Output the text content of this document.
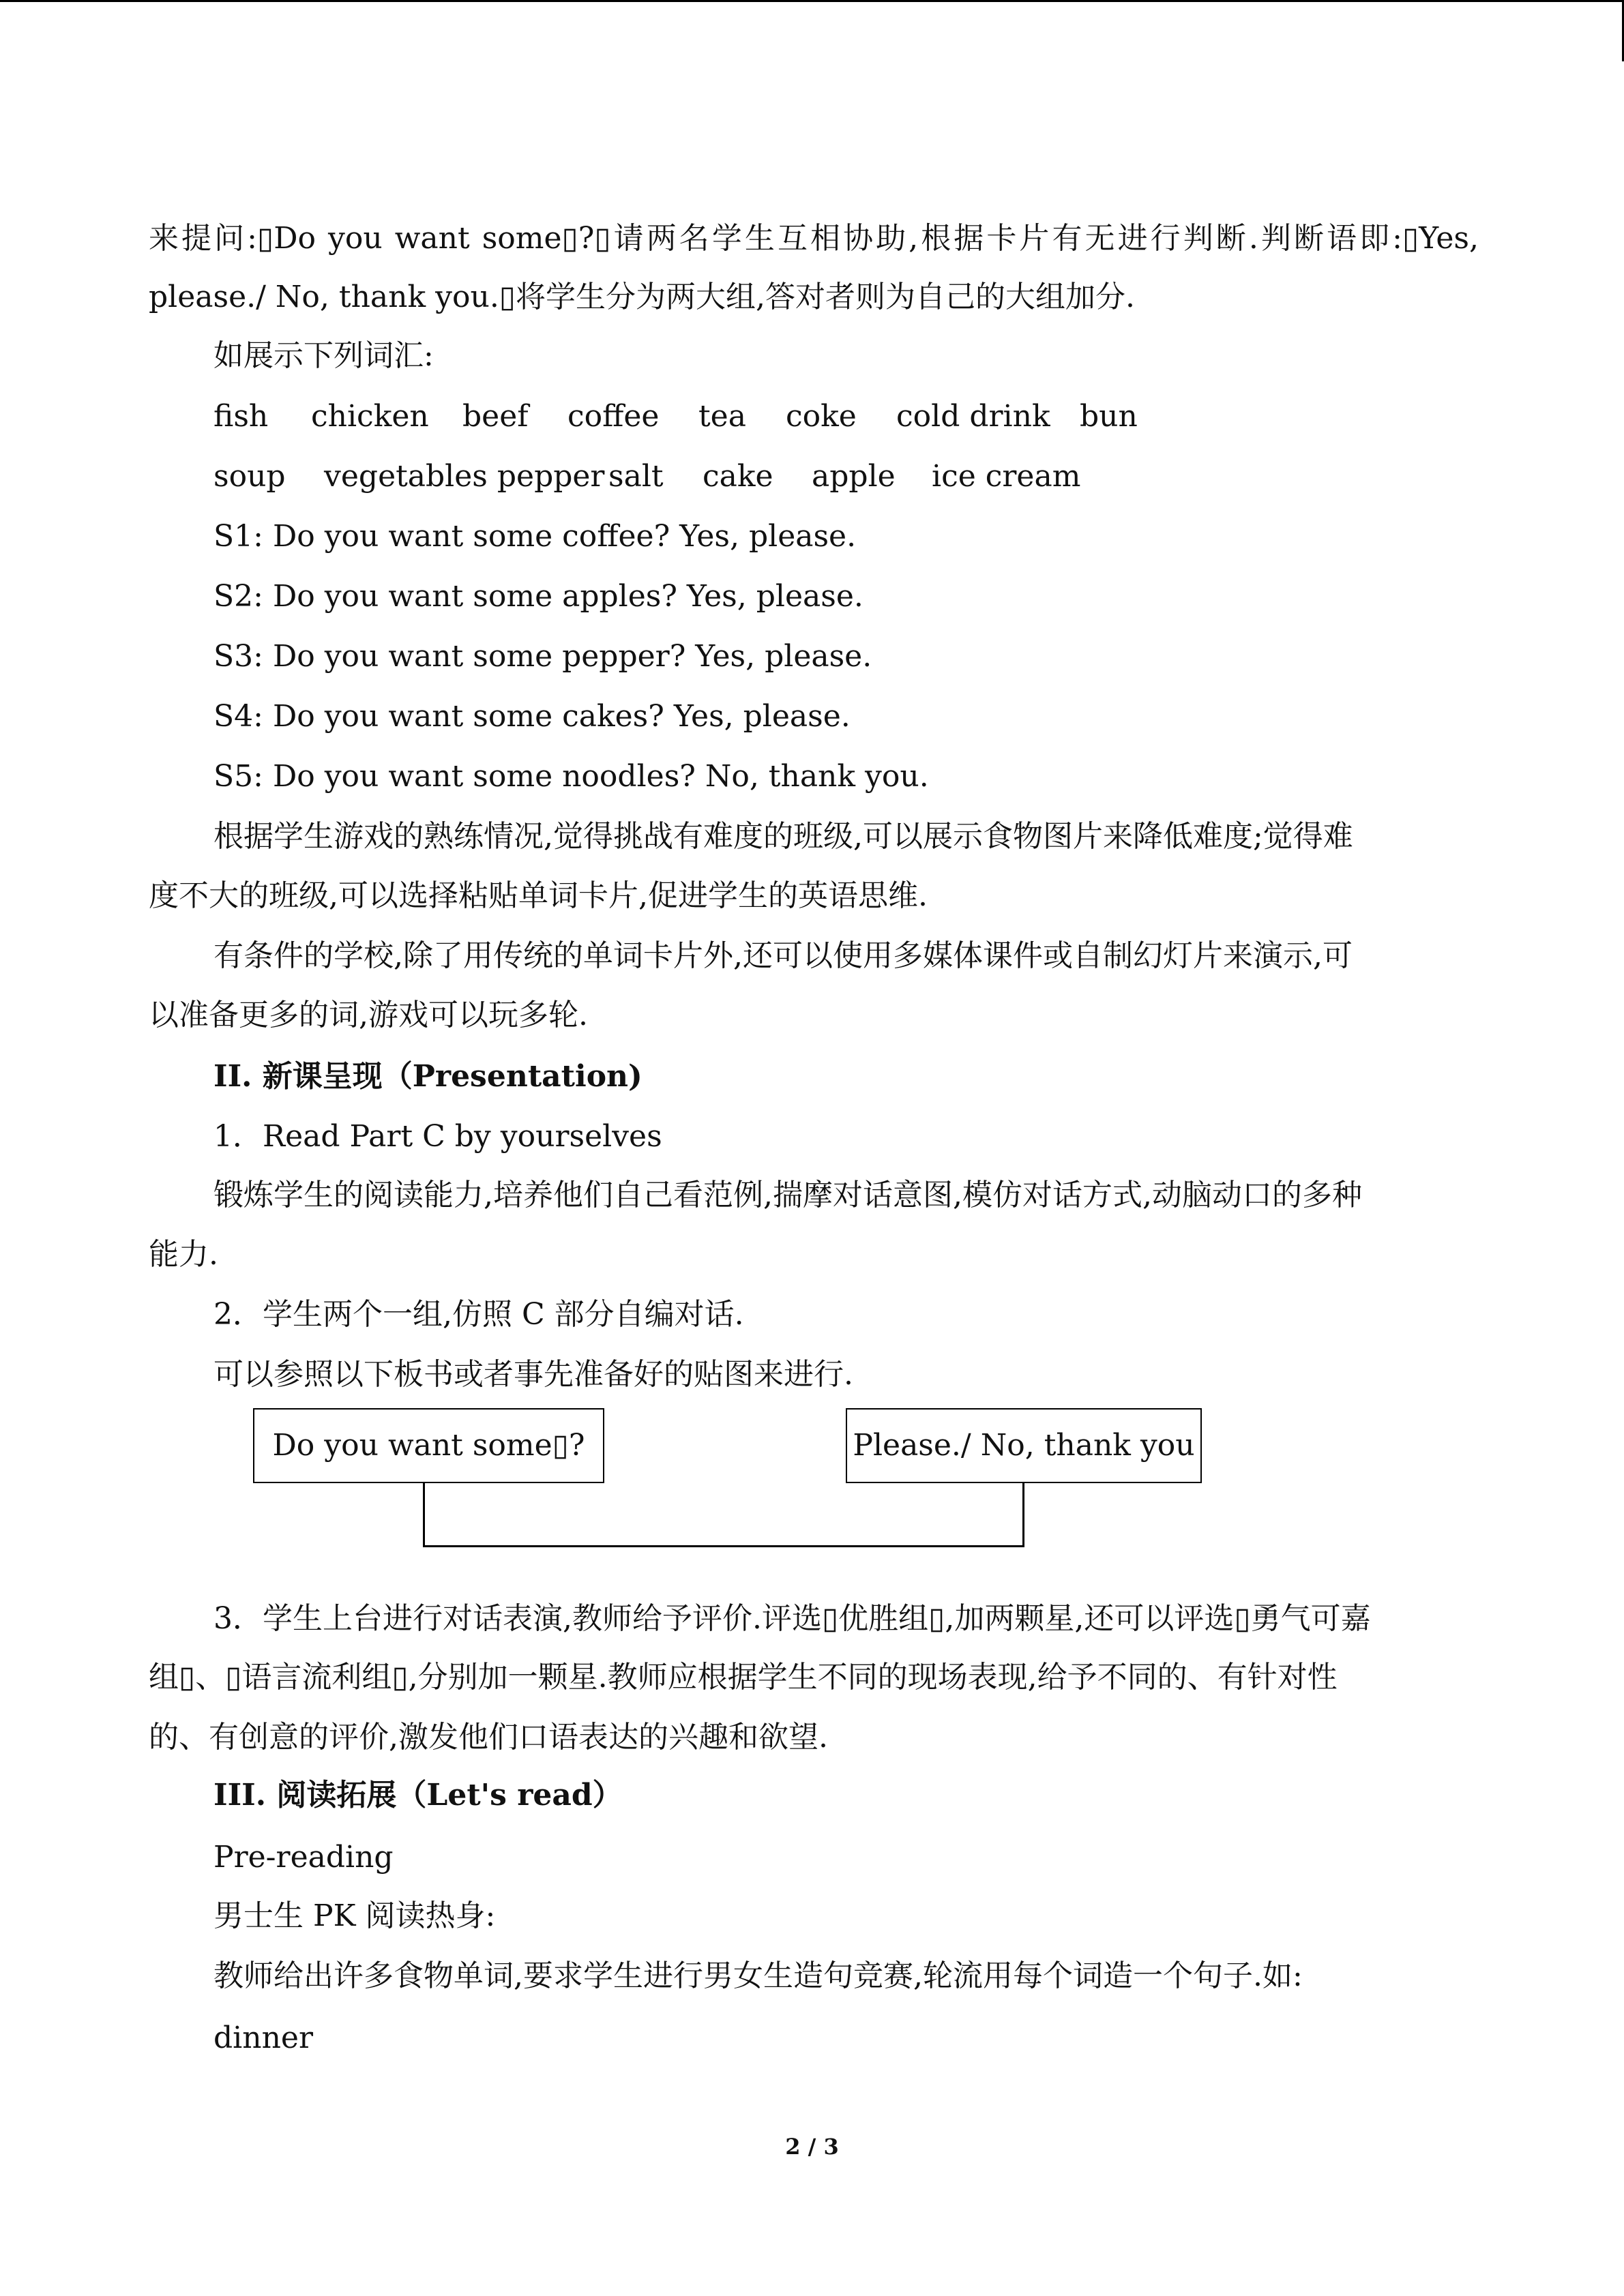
来提问:▯Do you want some▯?▯请两名学生互相协助,根据卡片有无进行判断.判断语即:▯Yes,
please./ No, thank you.▯将学生分为两大组,答对者则为自己的大组加分.
如展示下列词汇:
fish chicken beef coffee tea coke cold drink bun
soup vegetables pepper salt cake apple ice cream
S1: Do you want some coffee? Yes, please.
S2: Do you want some apples? Yes, please.
S3: Do you want some pepper? Yes, please.
S4: Do you want some cakes? Yes, please.
S5: Do you want some noodles? No, thank you.
根据学生游戏的熟练情况,觉得挑战有难度的班级,可以展示食物图片来降低难度;觉得难
度不大的班级,可以选择粘贴单词卡片,促进学生的英语思维.
有条件的学校,除了用传统的单词卡片外,还可以使用多媒体课件或自制幻灯片来演示,可
以准备更多的词,游戏可以玩多轮.
II. 新课呈现（Presentation)
1．Read Part C by yourselves
锻炼学生的阅读能力,培养他们自己看范例,揣摩对话意图,模仿对话方式,动脑动口的多种
能力.
2．学生两个一组,仿照 C 部分自编对话.
可以参照以下板书或者事先准备好的贴图来进行.
Do you want some▯?	Please./ No, thank you
3．学生上台进行对话表演,教师给予评价.评选▯优胜组▯,加两颗星,还可以评选▯勇气可嘉
组▯、▯语言流利组▯,分别加一颗星.教师应根据学生不同的现场表现,给予不同的、有针对性
的、有创意的评价,激发他们口语表达的兴趣和欲望.
III. 阅读拓展（Let's read）
Pre-reading
男士生 PK 阅读热身:
教师给出许多食物单词,要求学生进行男女生造句竞赛,轮流用每个词造一个句子.如:
dinner
2 / 3
